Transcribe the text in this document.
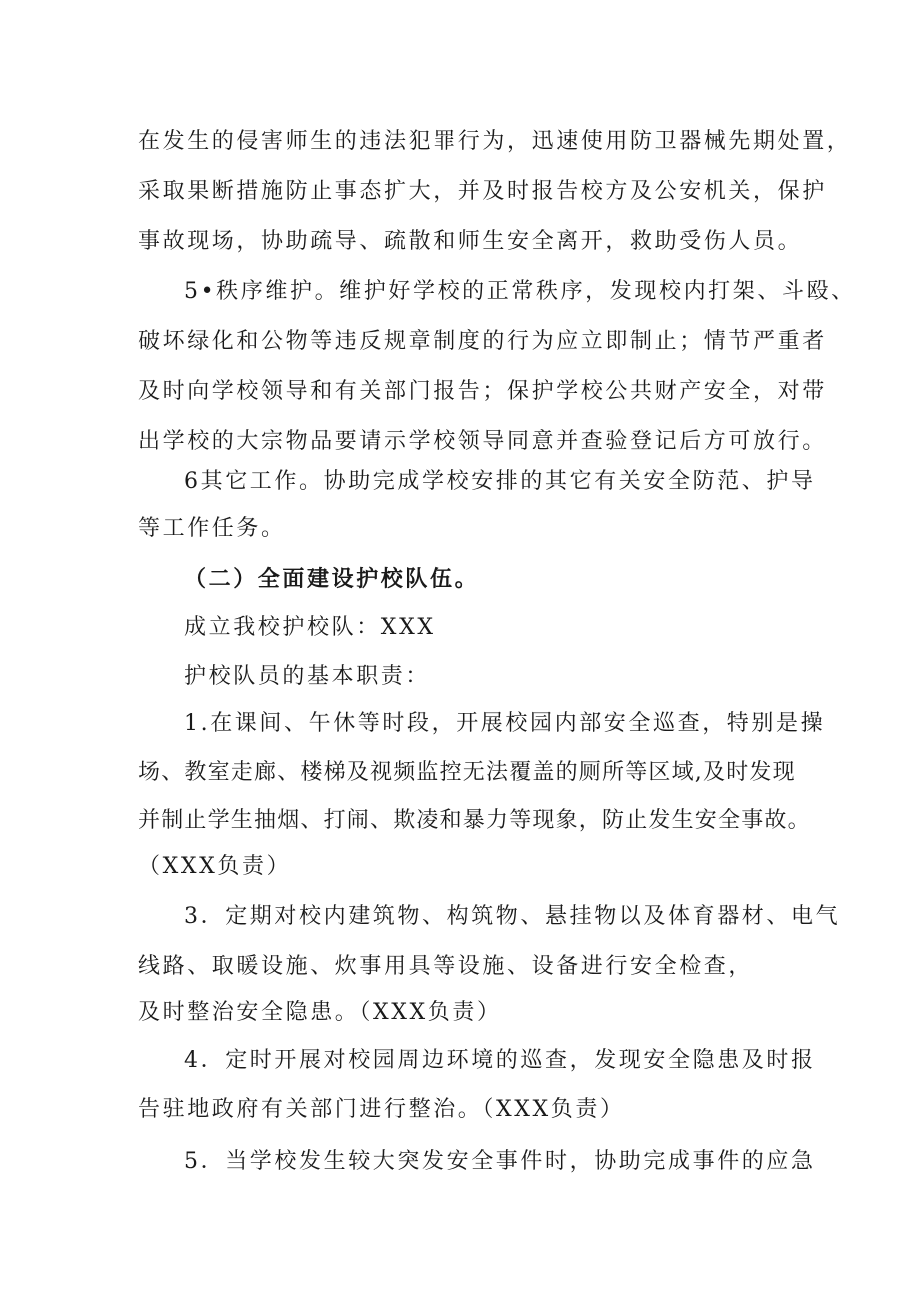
在发生的侵害师生的违法犯罪行为，迅速使用防卫器械先期处置，
采取果断措施防止事态扩大，并及时报告校方及公安机关，保护
事故现场，协助疏导、疏散和师生安全离开，救助受伤人员。
5•秩序维护。维护好学校的正常秩序，发现校内打架、斗殴、
破坏绿化和公物等违反规章制度的行为应立即制止；情节严重者
及时向学校领导和有关部门报告；保护学校公共财产安全，对带
出学校的大宗物品要请示学校领导同意并查验登记后方可放行。
6其它工作。协助完成学校安排的其它有关安全防范、护导
等工作任务。
（二）全面建设护校队伍。
成立我校护校队：XXX
护校队员的基本职责：
1.在课间、午休等时段，开展校园内部安全巡查，特别是操
场、教室走廊、楼梯及视频监控无法覆盖的厕所等区域,及时发现
并制止学生抽烟、打闹、欺凌和暴力等现象，防止发生安全事故。
（XXX负责）
3．定期对校内建筑物、构筑物、悬挂物以及体育器材、电气
线路、取暖设施、炊事用具等设施、设备进行安全检查，
及时整治安全隐患。（XXX负责）
4．定时开展对校园周边环境的巡查，发现安全隐患及时报
告驻地政府有关部门进行整治。（XXX负责）
5．当学校发生较大突发安全事件时，协助完成事件的应急
